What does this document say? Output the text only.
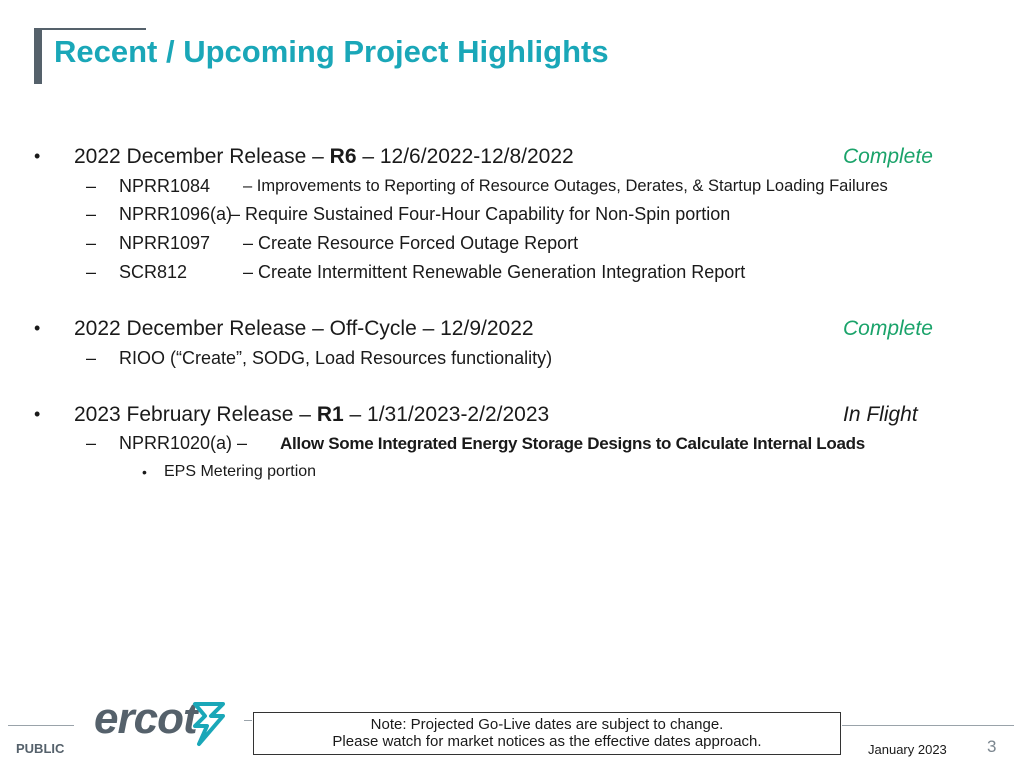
Recent / Upcoming Project Highlights
• 2022 December Release – R6 – 12/6/2022-12/8/2022	Complete
– NPRR1084 – Improvements to Reporting of Resource Outages, Derates, & Startup Loading Failures
– NPRR1096(a)
– Require Sustained Four-Hour Capability for Non-Spin portion
– NPRR1097 – Create Resource Forced Outage Report
– SCR812	– Create Intermittent Renewable Generation Integration Report
• 2022 December Release – Off-Cycle – 12/9/2022	Complete
– RIOO (“Create”, SODG, Load Resources functionality)
• 2023 February Release – R1 – 1/31/2023-2/2/2023	In Flight
– NPRR1020(a) – Allow Some Integrated Energy Storage Designs to Calculate Internal Loads
• EPS Metering portion
PUBLIC
ercot	Note: Projected Go-Live dates are subject to change.
Please watch for market notices as the effective dates approach.	January 2023 3
